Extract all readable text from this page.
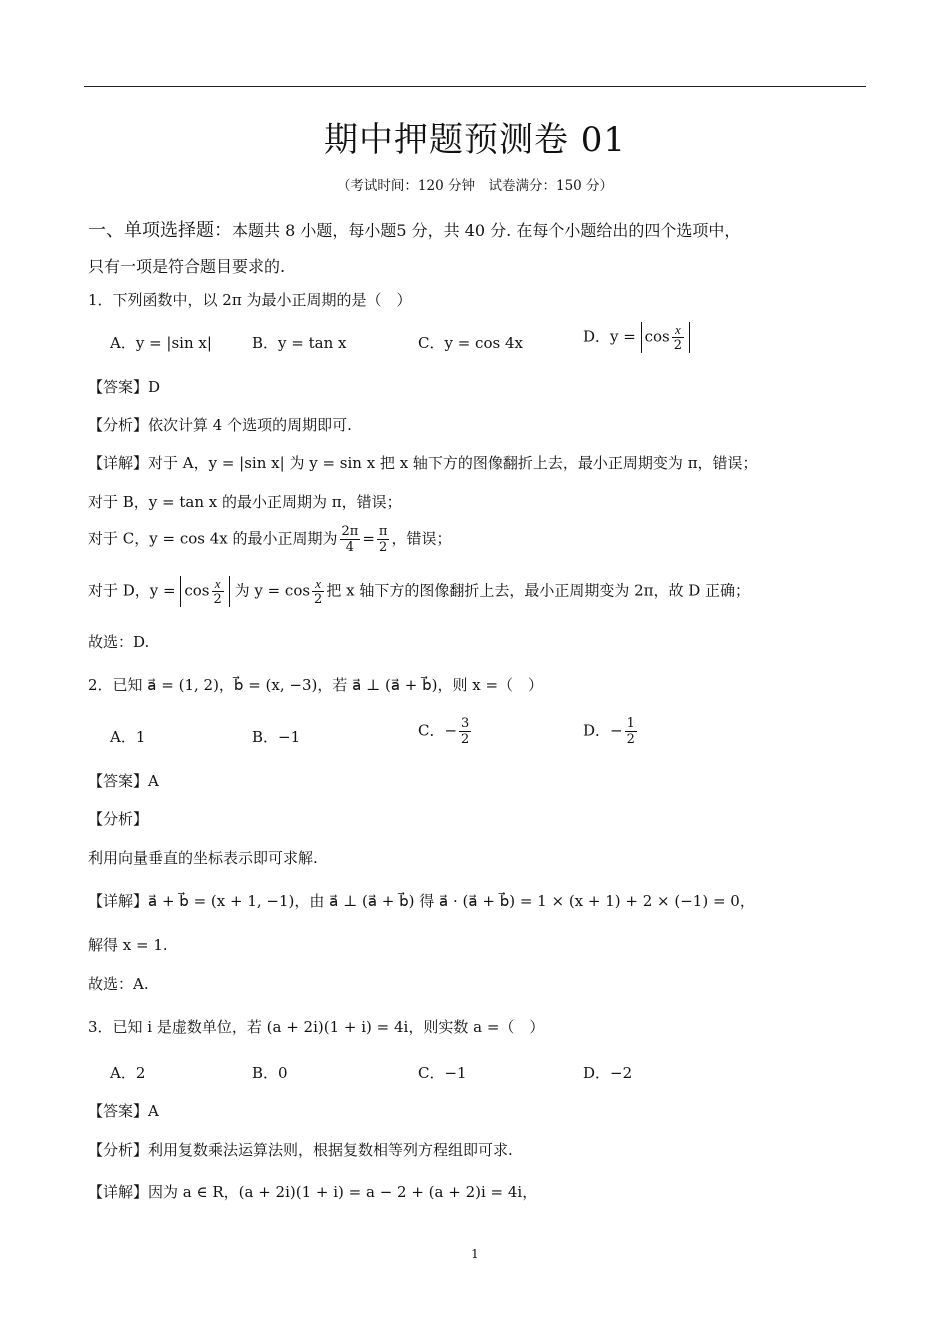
期中押题预测卷 01
（考试时间：120 分钟　试卷满分：150 分）
一、单项选择题：本题共 8 小题，每小题5 分，共 40 分. 在每个小题给出的四个选项中，
只有一项是符合题目要求的.
1．下列函数中，以 2π 为最小正周期的是（　）
A．y = |sin x|	B．y = tan x	C．y = cos 4x	D．$y = \cos \frac{x}{2}$
【答案】D
【分析】依次计算 4 个选项的周期即可.
【详解】对于 A，y = |sin x| 为 y = sin x 把 x 轴下方的图像翻折上去，最小正周期变为 π，错误；
对于 B，y = tan x 的最小正周期为 π，错误；
对于 C，y = cos 4x 的最小正周期为 $\frac{2\pi}{4} = \frac{\pi}{2}$ ，错误；
对于 D，$y = \cos \frac{x}{2}$ 为 $y = \cos \frac{x}{2}$ 把 x 轴下方的图像翻折上去，最小正周期变为 2π，故 D 正确；
故选：D.
2．已知 a⃗ = (1, 2)，b⃗ = (x, −3)，若 a⃗ ⊥ (a⃗ + b⃗)，则 x =（　）
A．1	B．−1	C．− $\frac{3}{2}$	D．− $\frac{1}{2}$
【答案】A
【分析】
利用向量垂直的坐标表示即可求解.
【详解】a⃗ + b⃗ = (x + 1, −1)，由 a⃗ ⊥ (a⃗ + b⃗) 得 a⃗ · (a⃗ + b⃗) = 1 × (x + 1) + 2 × (−1) = 0，
解得 x = 1.
故选：A.
3．已知 i 是虚数单位，若 (a + 2i)(1 + i) = 4i，则实数 a =（　）
A．2	B．0	C．−1	D．−2
【答案】A
【分析】利用复数乘法运算法则，根据复数相等列方程组即可求.
【详解】因为 a ∈ R，(a + 2i)(1 + i) = a − 2 + (a + 2)i = 4i，
1
